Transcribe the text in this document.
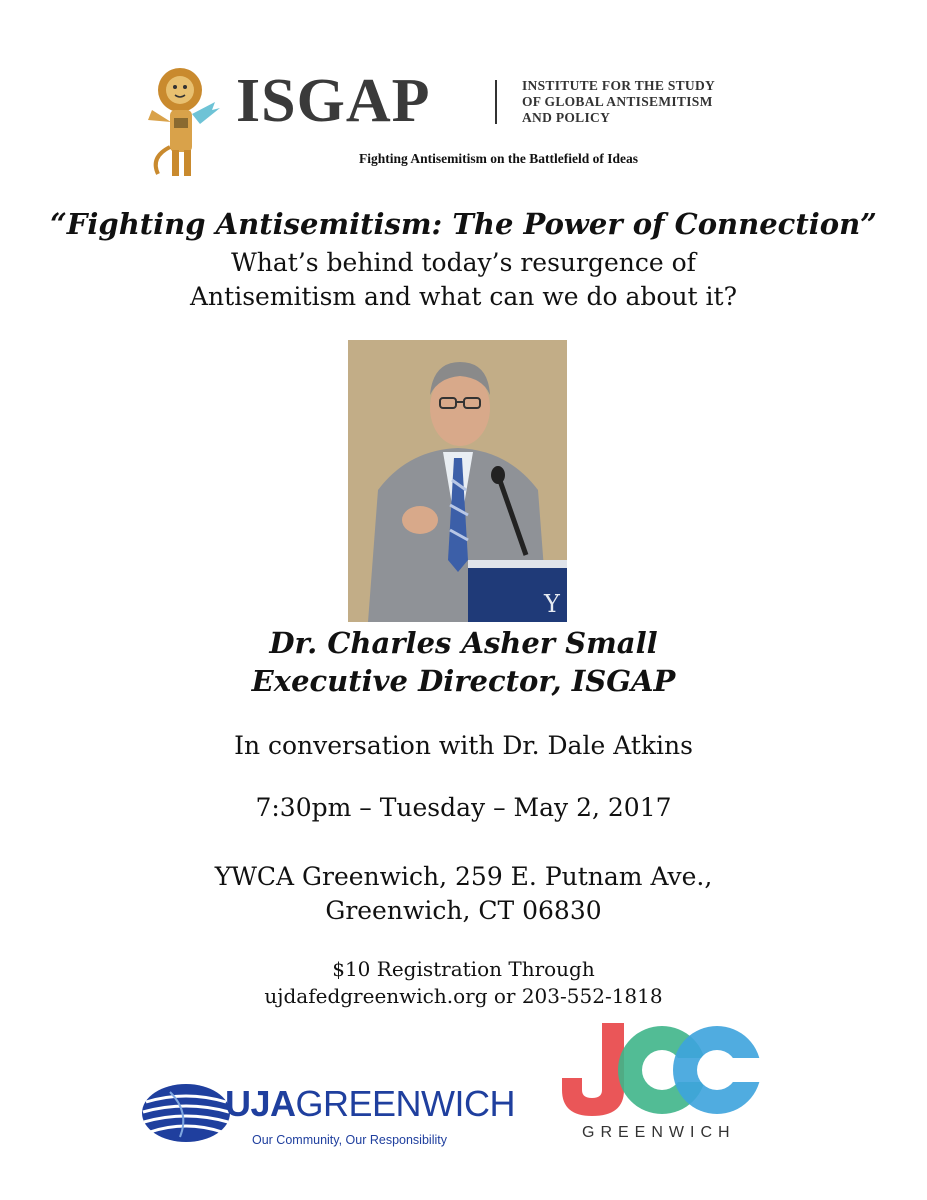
ISGAP	INSTITUTE FOR THE STUDY
OF GLOBAL ANTISEMITISM
AND POLICY
Fighting Antisemitism on the Battlefield of Ideas
“Fighting Antisemitism: The Power of Connection”
What’s behind today’s resurgence of
Antisemitism and what can we do about it?
Y
Dr. Charles Asher Small
Executive Director, ISGAP
In conversation with Dr. Dale Atkins
7:30pm – Tuesday – May 2, 2017
YWCA Greenwich, 259 E. Putnam Ave.,
Greenwich, CT 06830
$10 Registration Through
ujdafedgreenwich.org or 203-552-1818
UJAGREENWICH
Our Community, Our Responsibility
JCC
GREENWICH
